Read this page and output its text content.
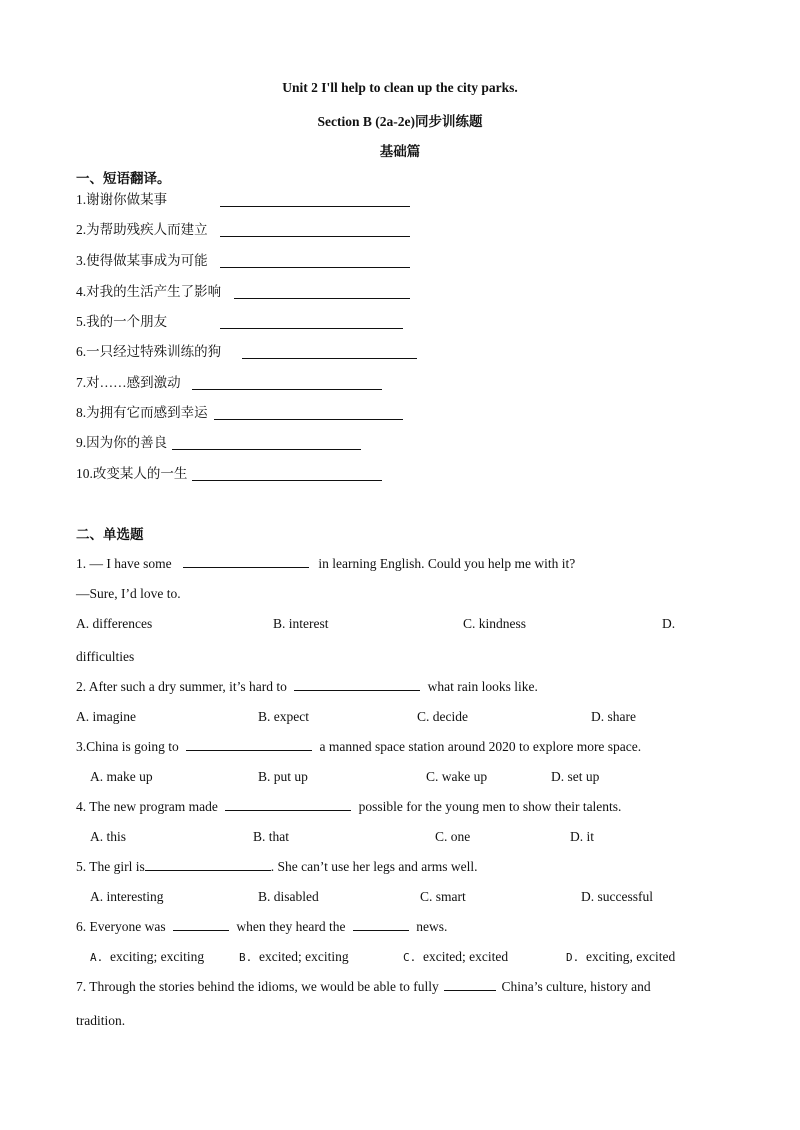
Unit 2 I'll help to clean up the city parks.
Section B (2a-2e)同步训练题
基础篇
一、短语翻译。
1.谢谢你做某事
2.为帮助残疾人而建立
3.使得做某事成为可能
4.对我的生活产生了影响
5.我的一个朋友
6.一只经过特殊训练的狗
7.对……感到激动
8.为拥有它而感到幸运
9.因为你的善良
10.改变某人的一生
二、单选题
1. — I have some	in learning English. Could you help me with it?
—Sure, I’d love to.
A. differences	B. interest	C. kindness	D.
difficulties
2. After such a dry summer, it’s hard to	what rain looks like.
A. imagine	B. expect	C. decide	D. share
3.China is going to	a manned space station around 2020 to explore more space.
A. make up	B. put up	C. wake up	D. set up
4. The new program made	possible for the young men to show their talents.
A. this	B. that	C. one	D. it
5. The girl is	. She can’t use her legs and arms well.
A. interesting	B. disabled	C. smart	D. successful
6. Everyone was	when they heard the	news.
A. exciting; exciting	B. excited; exciting	C. excited; excited	D. exciting, excited
7. Through the stories behind the idioms, we would be able to fully	China’s culture, history and
tradition.
